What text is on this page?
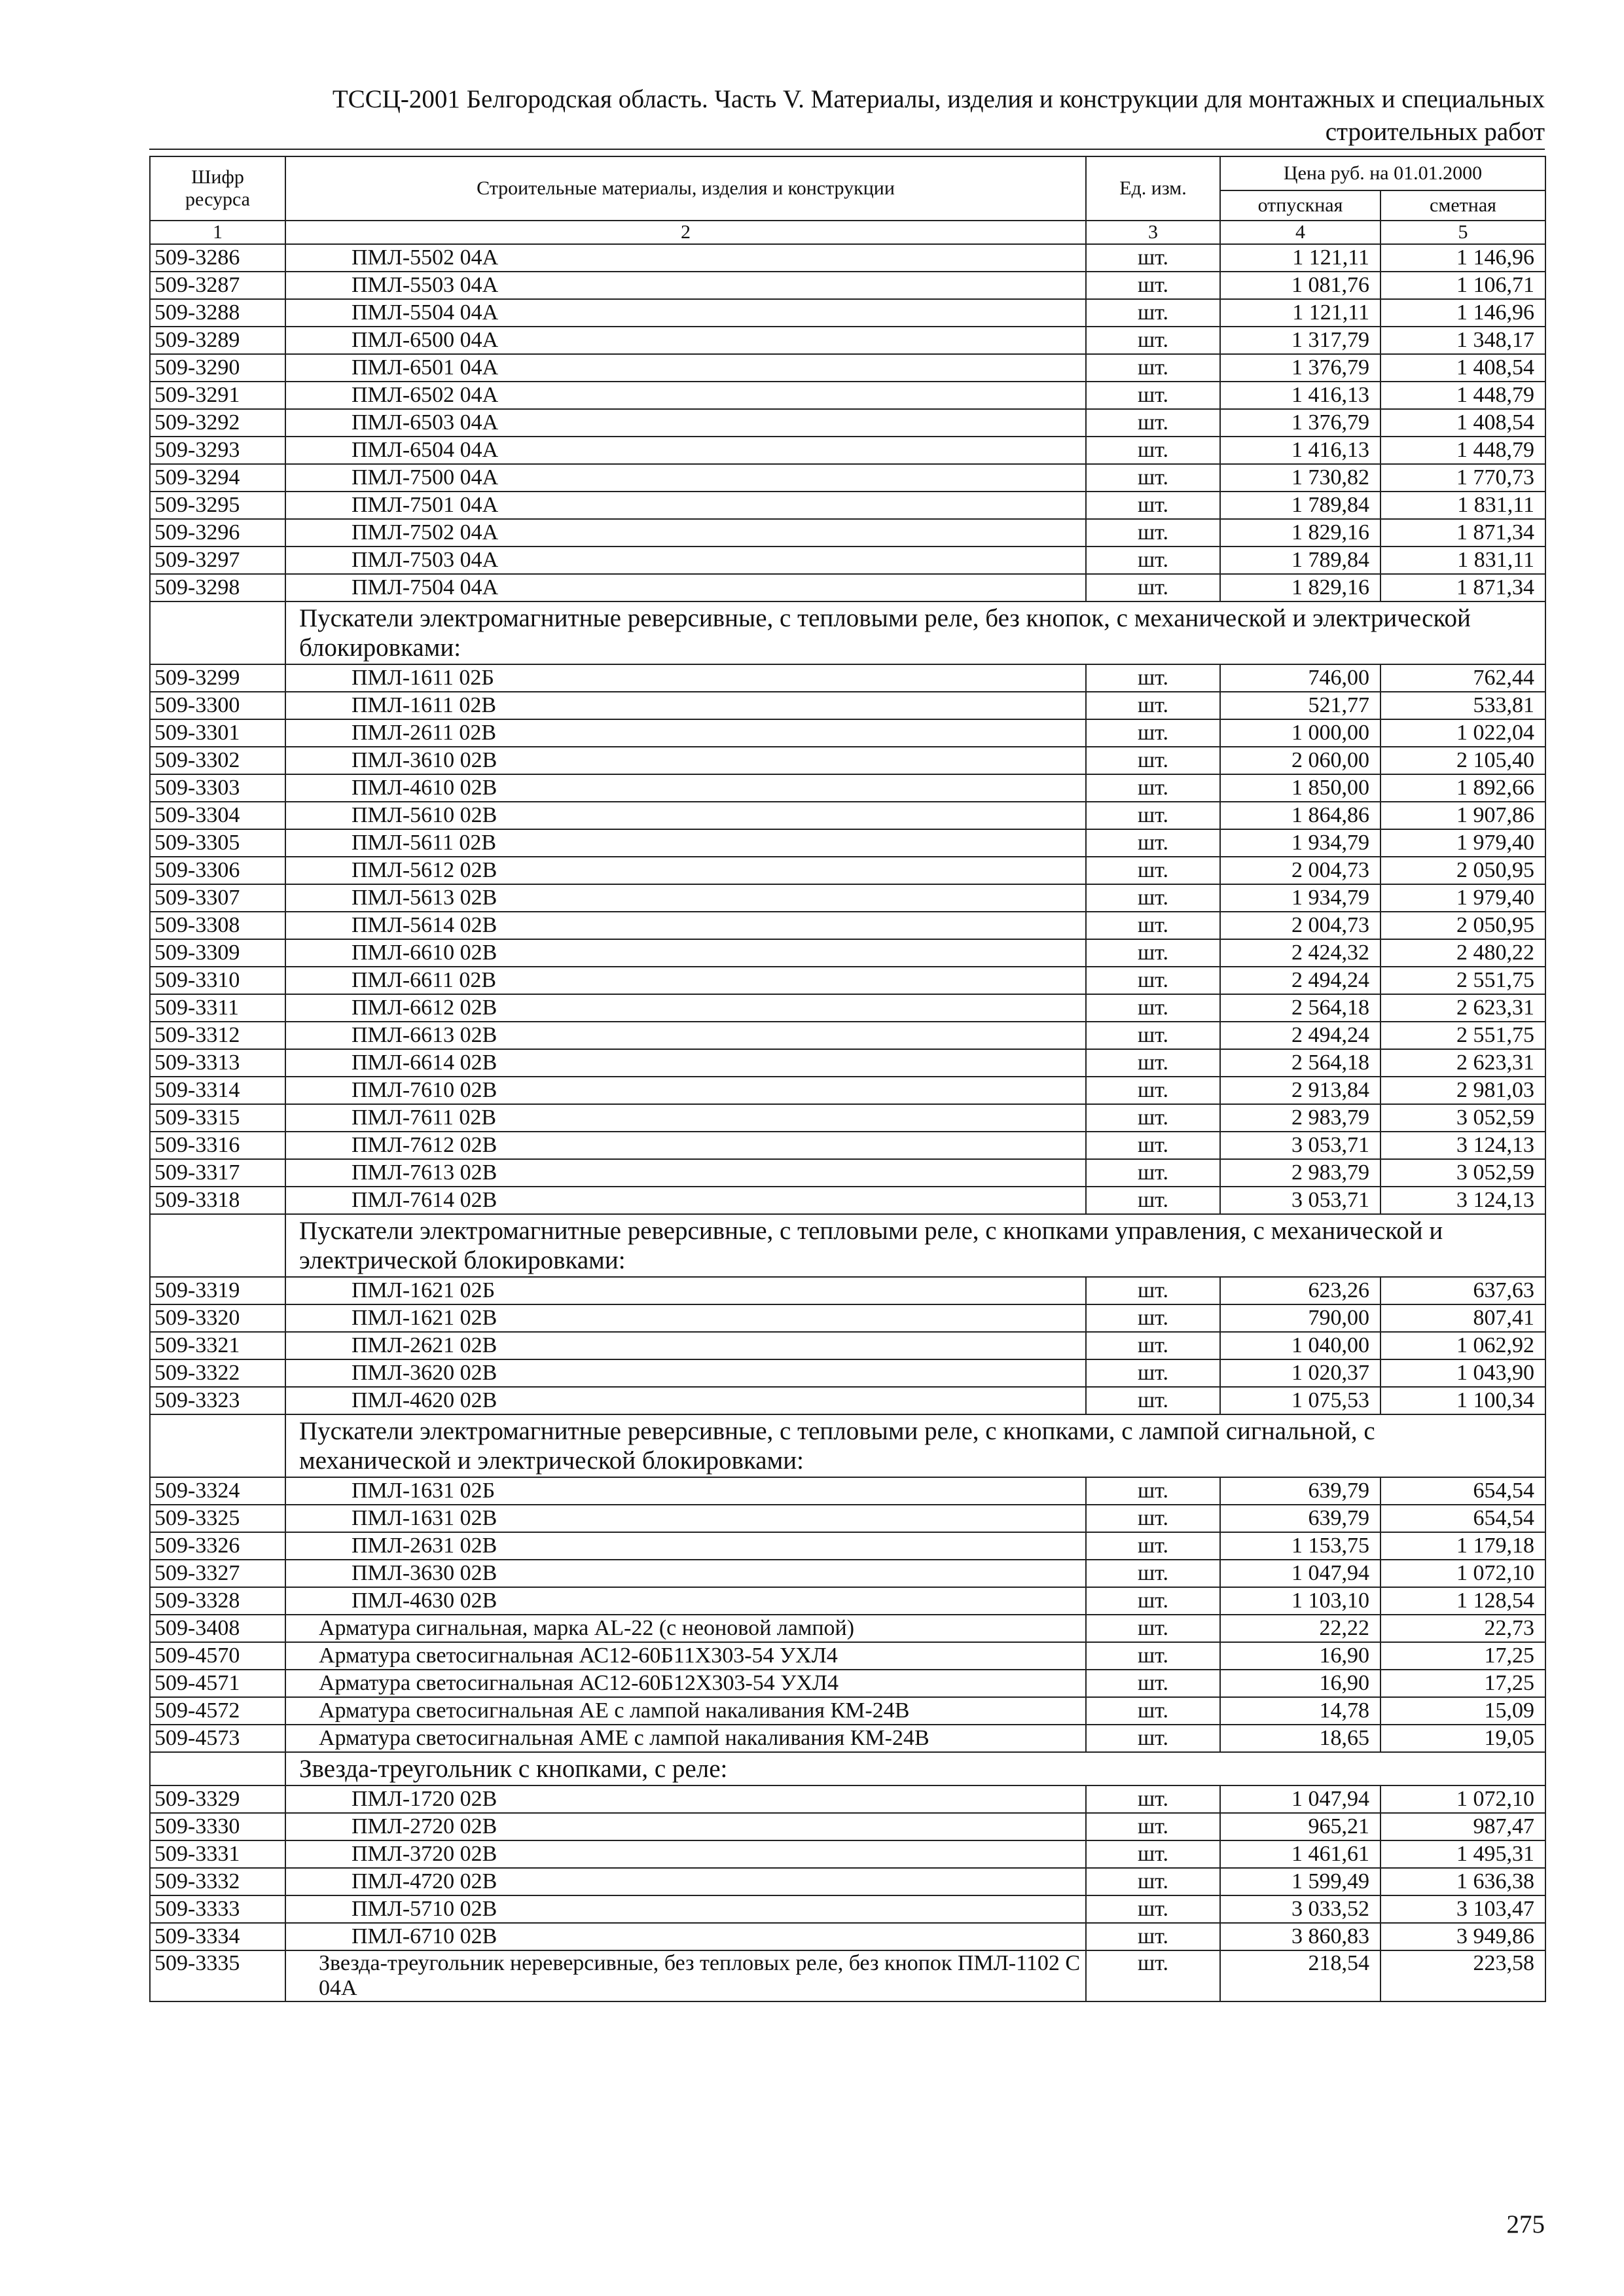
ТССЦ-2001 Белгородская область. Часть V. Материалы, изделия и конструкции для монтажных и специальных
строительных работ
Шифр ресурса	Строительные материалы, изделия и конструкции	Ед. изм.	Цена руб. на 01.01.2000	
			отпускная	сметная
1	2	3	4	5
509-3286	ПМЛ-5502 04А	шт.	1 121,11	1 146,96
509-3287	ПМЛ-5503 04А	шт.	1 081,76	1 106,71
509-3288	ПМЛ-5504 04А	шт.	1 121,11	1 146,96
509-3289	ПМЛ-6500 04А	шт.	1 317,79	1 348,17
509-3290	ПМЛ-6501 04А	шт.	1 376,79	1 408,54
509-3291	ПМЛ-6502 04А	шт.	1 416,13	1 448,79
509-3292	ПМЛ-6503 04А	шт.	1 376,79	1 408,54
509-3293	ПМЛ-6504 04А	шт.	1 416,13	1 448,79
509-3294	ПМЛ-7500 04А	шт.	1 730,82	1 770,73
509-3295	ПМЛ-7501 04А	шт.	1 789,84	1 831,11
509-3296	ПМЛ-7502 04А	шт.	1 829,16	1 871,34
509-3297	ПМЛ-7503 04А	шт.	1 789,84	1 831,11
509-3298	ПМЛ-7504 04А	шт.	1 829,16	1 871,34
	Пускатели электромагнитные реверсивные, с тепловыми реле, без кнопок, с механической и электрической блокировками:			
509-3299	ПМЛ-1611 02Б	шт.	746,00	762,44
509-3300	ПМЛ-1611 02В	шт.	521,77	533,81
509-3301	ПМЛ-2611 02В	шт.	1 000,00	1 022,04
509-3302	ПМЛ-3610 02В	шт.	2 060,00	2 105,40
509-3303	ПМЛ-4610 02В	шт.	1 850,00	1 892,66
509-3304	ПМЛ-5610 02В	шт.	1 864,86	1 907,86
509-3305	ПМЛ-5611 02В	шт.	1 934,79	1 979,40
509-3306	ПМЛ-5612 02В	шт.	2 004,73	2 050,95
509-3307	ПМЛ-5613 02В	шт.	1 934,79	1 979,40
509-3308	ПМЛ-5614 02В	шт.	2 004,73	2 050,95
509-3309	ПМЛ-6610 02В	шт.	2 424,32	2 480,22
509-3310	ПМЛ-6611 02В	шт.	2 494,24	2 551,75
509-3311	ПМЛ-6612 02В	шт.	2 564,18	2 623,31
509-3312	ПМЛ-6613 02В	шт.	2 494,24	2 551,75
509-3313	ПМЛ-6614 02В	шт.	2 564,18	2 623,31
509-3314	ПМЛ-7610 02В	шт.	2 913,84	2 981,03
509-3315	ПМЛ-7611 02В	шт.	2 983,79	3 052,59
509-3316	ПМЛ-7612 02В	шт.	3 053,71	3 124,13
509-3317	ПМЛ-7613 02В	шт.	2 983,79	3 052,59
509-3318	ПМЛ-7614 02В	шт.	3 053,71	3 124,13
	Пускатели электромагнитные реверсивные, с тепловыми реле, с кнопками управления, с механической и электрической блокировками:			
509-3319	ПМЛ-1621 02Б	шт.	623,26	637,63
509-3320	ПМЛ-1621 02В	шт.	790,00	807,41
509-3321	ПМЛ-2621 02В	шт.	1 040,00	1 062,92
509-3322	ПМЛ-3620 02В	шт.	1 020,37	1 043,90
509-3323	ПМЛ-4620 02В	шт.	1 075,53	1 100,34
	Пускатели электромагнитные реверсивные, с тепловыми реле, с кнопками, с лампой сигнальной, с механической и электрической блокировками:			
509-3324	ПМЛ-1631 02Б	шт.	639,79	654,54
509-3325	ПМЛ-1631 02В	шт.	639,79	654,54
509-3326	ПМЛ-2631 02В	шт.	1 153,75	1 179,18
509-3327	ПМЛ-3630 02В	шт.	1 047,94	1 072,10
509-3328	ПМЛ-4630 02В	шт.	1 103,10	1 128,54
509-3408	Арматура сигнальная, марка AL-22 (с неоновой лампой)	шт.	22,22	22,73
509-4570	Арматура светосигнальная АС12-60Б11Х303-54 УХЛ4	шт.	16,90	17,25
509-4571	Арматура светосигнальная АС12-60Б12Х303-54 УХЛ4	шт.	16,90	17,25
509-4572	Арматура светосигнальная АЕ с лампой накаливания КМ-24В	шт.	14,78	15,09
509-4573	Арматура светосигнальная АМЕ с лампой накаливания КМ-24В	шт.	18,65	19,05
	Звезда-треугольник с кнопками, с реле:			
509-3329	ПМЛ-1720 02В	шт.	1 047,94	1 072,10
509-3330	ПМЛ-2720 02В	шт.	965,21	987,47
509-3331	ПМЛ-3720 02В	шт.	1 461,61	1 495,31
509-3332	ПМЛ-4720 02В	шт.	1 599,49	1 636,38
509-3333	ПМЛ-5710 02В	шт.	3 033,52	3 103,47
509-3334	ПМЛ-6710 02В	шт.	3 860,83	3 949,86
509-3335	Звезда-треугольник нереверсивные, без тепловых реле, без кнопок ПМЛ-1102 С 04А	шт.	218,54	223,58
275
